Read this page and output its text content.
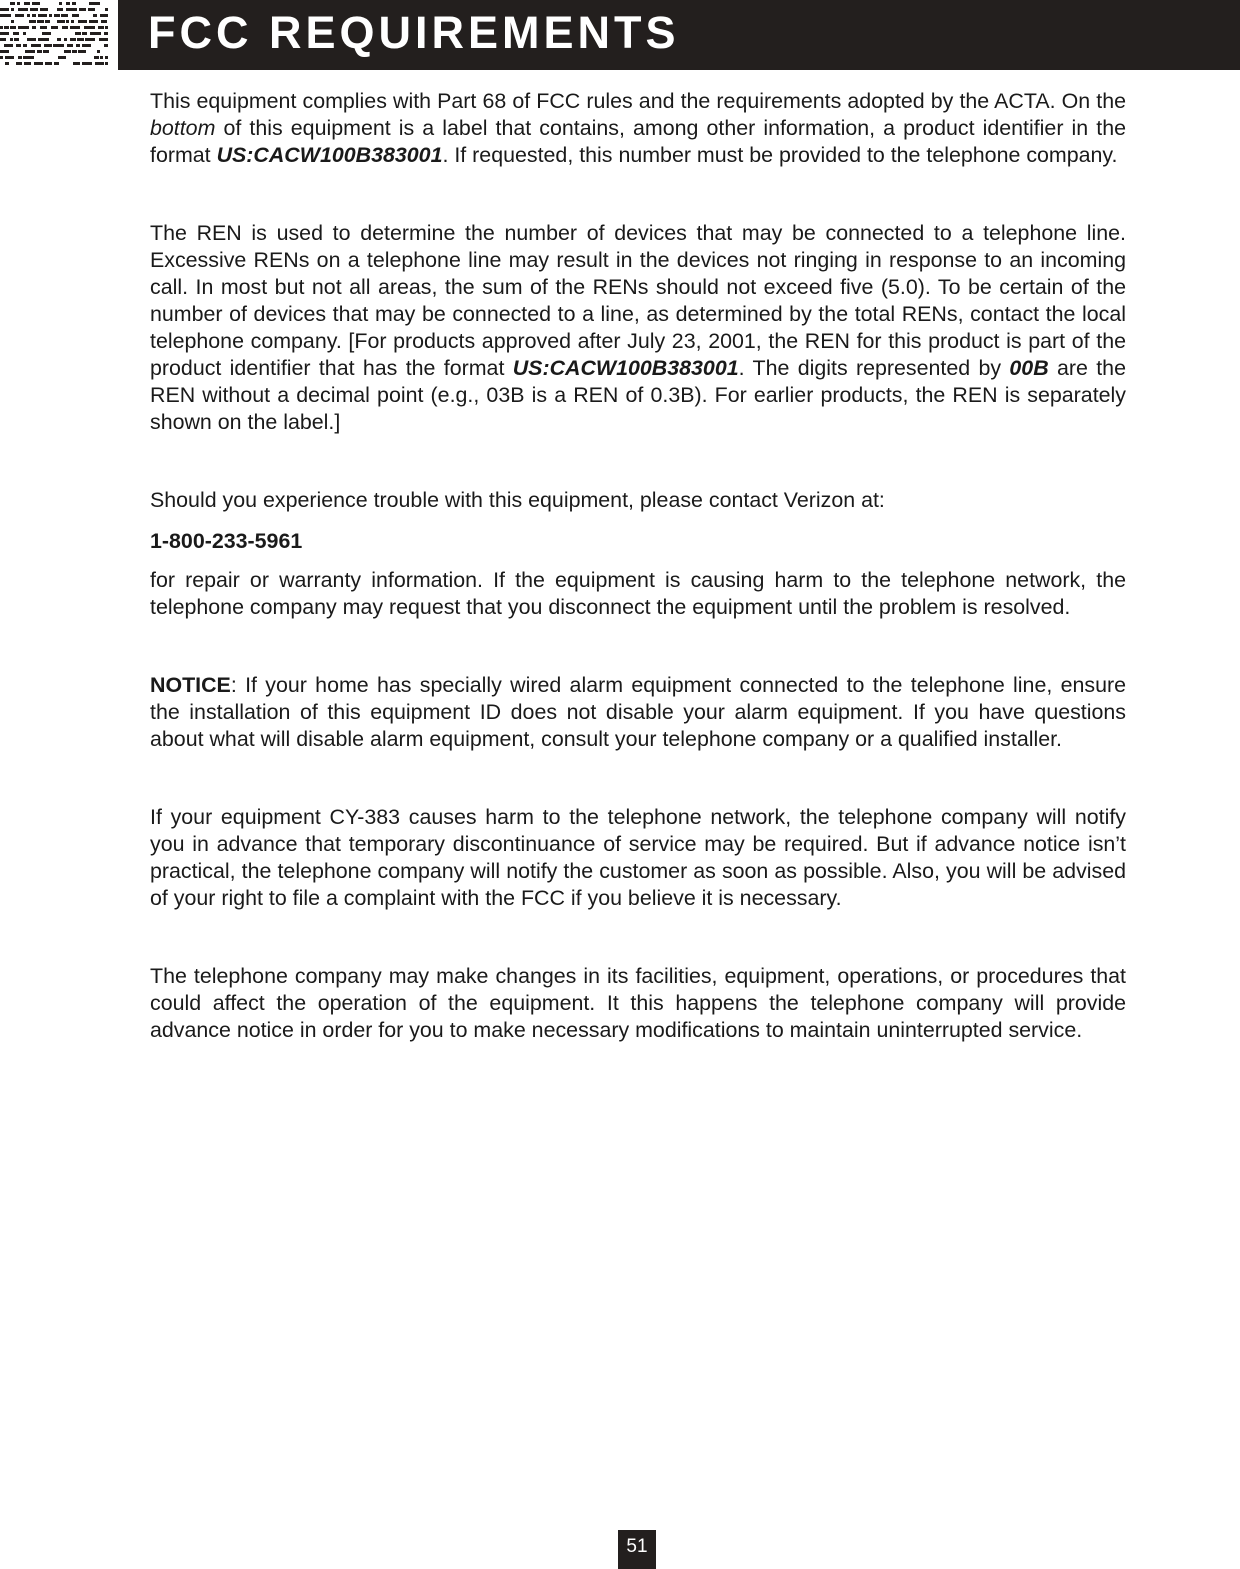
FCC REQUIREMENTS

This equipment complies with Part 68 of FCC rules and the requirements adopted by the ACTA. On the bottom of this equipment is a label that contains, among other information, a product identifier in the format US:CACW100B383001. If requested, this number must be provided to the telephone company.

The REN is used to determine the number of devices that may be connected to a telephone line. Excessive RENs on a telephone line may result in the devices not ringing in response to an incoming call. In most but not all areas, the sum of the RENs should not exceed five (5.0). To be certain of the number of devices that may be connected to a line, as determined by the total RENs, contact the local telephone company. [For products approved after July 23, 2001, the REN for this product is part of the product identifier that has the format US:CACW100B383001. The digits represented by 00B are the REN without a decimal point (e.g., 03B is a REN of 0.3B). For earlier products, the REN is separately shown on the label.]

Should you experience trouble with this equipment, please contact Verizon at:

1-800-233-5961

for repair or warranty information. If the equipment is causing harm to the telephone network, the telephone company may request that you disconnect the equipment until the problem is resolved.

NOTICE: If your home has specially wired alarm equipment connected to the telephone line, ensure the installation of this equipment ID does not disable your alarm equipment. If you have questions about what will disable alarm equipment, consult your telephone company or a qualified installer.

If your equipment CY-383 causes harm to the telephone network, the telephone company will notify you in advance that temporary discontinuance of service may be required. But if advance notice isn’t practical, the telephone company will notify the customer as soon as possible. Also, you will be advised of your right to file a complaint with the FCC if you believe it is necessary.

The telephone company may make changes in its facilities, equipment, operations, or procedures that could affect the operation of the equipment. It this happens the telephone company will provide advance notice in order for you to make necessary modifications to maintain uninterrupted service.

51
